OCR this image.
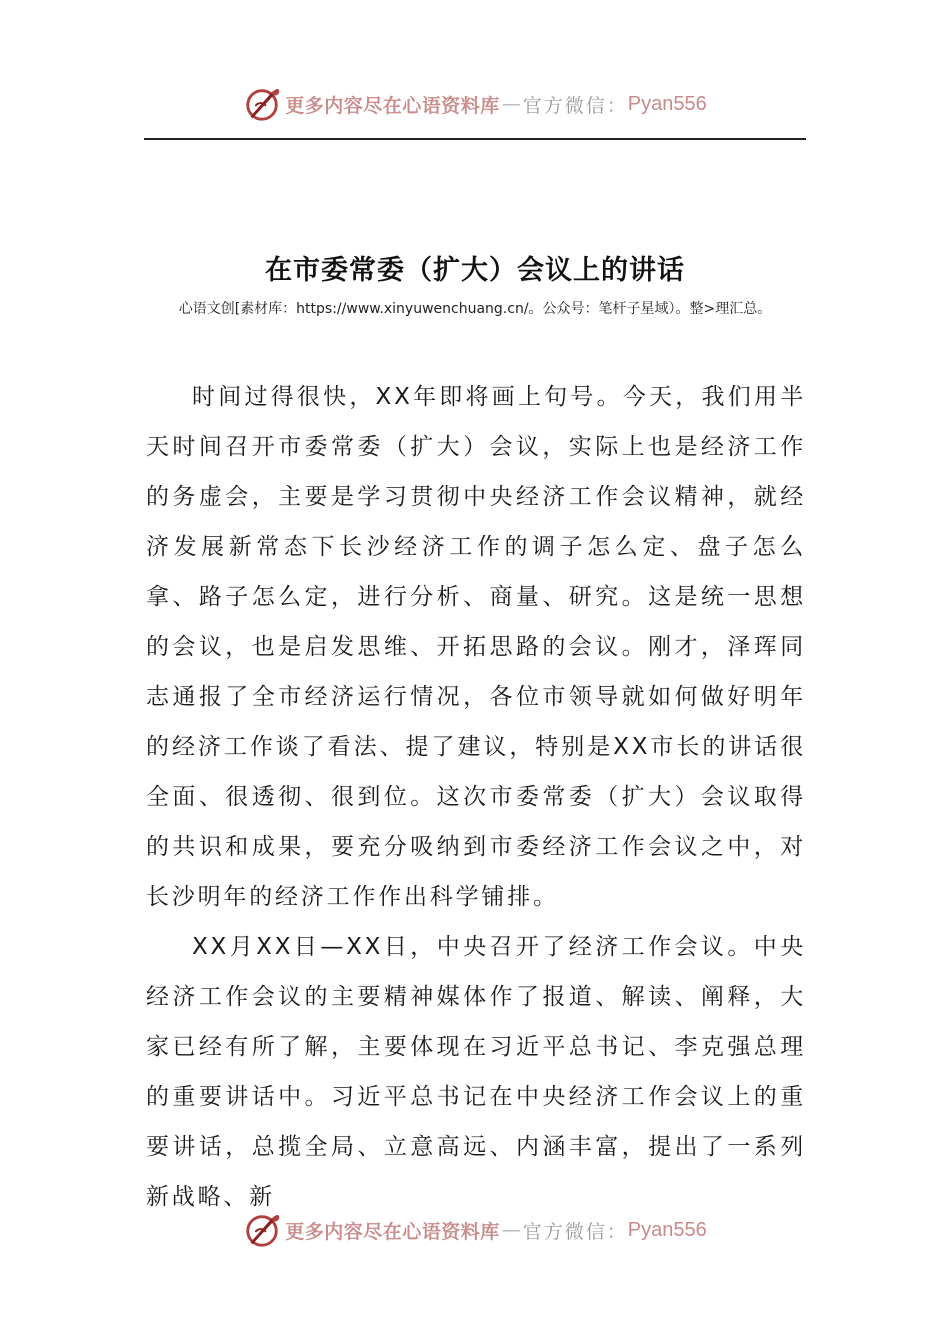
更多内容尽在心语资料库 — 官方微信： Pyan556
在市委常委（扩大）会议上的讲话
心语文创[素材库：https://www.xinyuwenchuang.cn/。公众号：笔杆子星域）。整>理汇总。

时间过得很快，XX年即将画上句号。今天，我们用半天时间召开市委常委（扩大）会议，实际上也是经济工作的务虚会，主要是学习贯彻中央经济工作会议精神，就经济发展新常态下长沙经济工作的调子怎么定、盘子怎么拿、路子怎么定，进行分析、商量、研究。这是统一思想的会议，也是启发思维、开拓思路的会议。刚才，泽珲同志通报了全市经济运行情况，各位市领导就如何做好明年的经济工作谈了看法、提了建议，特别是XX市长的讲话很全面、很透彻、很到位。这次市委常委（扩大）会议取得的共识和成果，要充分吸纳到市委经济工作会议之中，对长沙明年的经济工作作出科学铺排。

XX月XX日—XX日，中央召开了经济工作会议。中央经济工作会议的主要精神媒体作了报道、解读、阐释，大家已经有所了解，主要体现在习近平总书记、李克强总理的重要讲话中。习近平总书记在中央经济工作会议上的重要讲话，总揽全局、立意高远、内涵丰富，提出了一系列新战略、新

更多内容尽在心语资料库 — 官方微信： Pyan556
